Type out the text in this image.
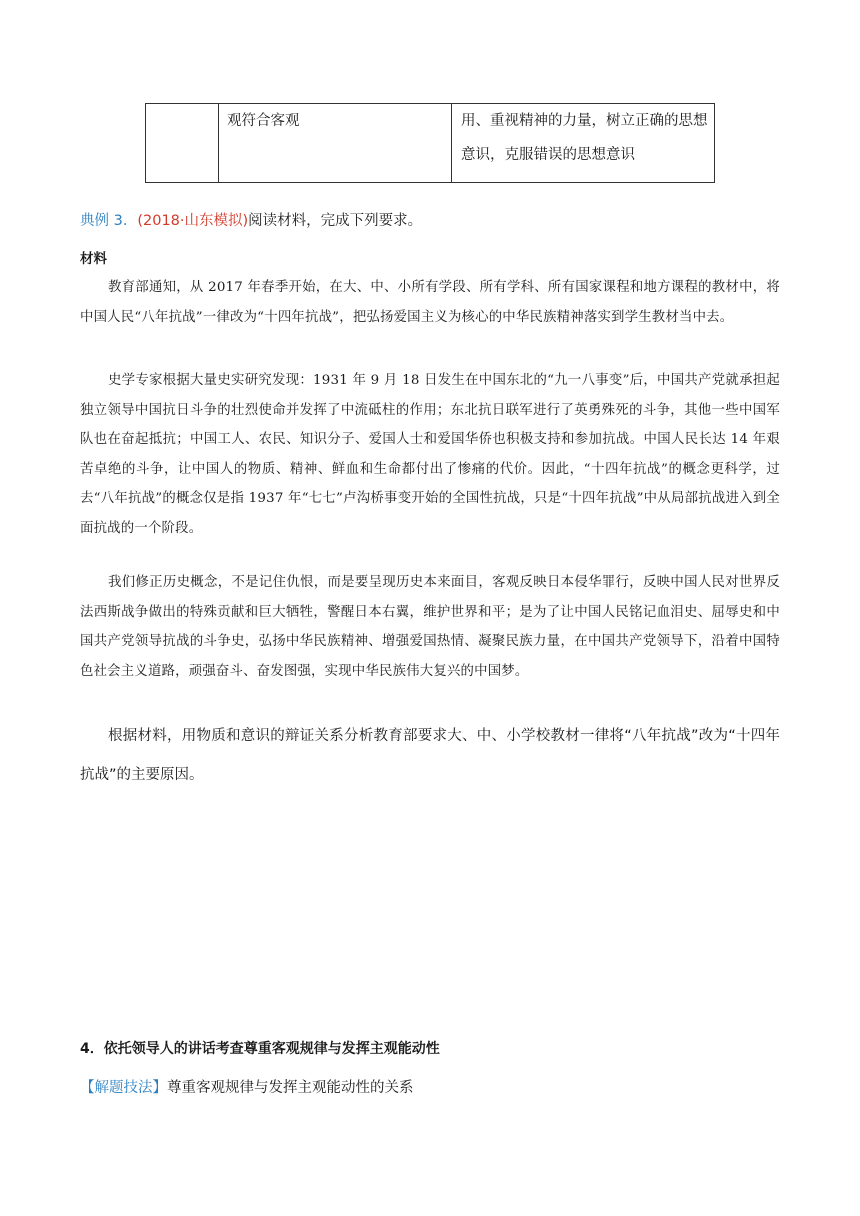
	观符合客观	用、重视精神的力量，树立正确的思想
意识，克服错误的思想意识
典例 3．(2018·山东模拟)阅读材料，完成下列要求。
材料
教育部通知，从 2017 年春季开始，在大、中、小所有学段、所有学科、所有国家课程和地方课程的教材中，将中国人民“八年抗战”一律改为“十四年抗战”，把弘扬爱国主义为核心的中华民族精神落实到学生教材当中去。
史学专家根据大量史实研究发现：1931 年 9 月 18 日发生在中国东北的“九一八事变”后，中国共产党就承担起独立领导中国抗日斗争的壮烈使命并发挥了中流砥柱的作用；东北抗日联军进行了英勇殊死的斗争，其他一些中国军队也在奋起抵抗；中国工人、农民、知识分子、爱国人士和爱国华侨也积极支持和参加抗战。中国人民长达 14 年艰苦卓绝的斗争，让中国人的物质、精神、鲜血和生命都付出了惨痛的代价。因此，“十四年抗战”的概念更科学，过去“八年抗战”的概念仅是指 1937 年“七七”卢沟桥事变开始的全国性抗战，只是“十四年抗战”中从局部抗战进入到全面抗战的一个阶段。
我们修正历史概念，不是记住仇恨，而是要呈现历史本来面目，客观反映日本侵华罪行，反映中国人民对世界反法西斯战争做出的特殊贡献和巨大牺牲，警醒日本右翼，维护世界和平；是为了让中国人民铭记血泪史、屈辱史和中国共产党领导抗战的斗争史，弘扬中华民族精神、增强爱国热情、凝聚民族力量，在中国共产党领导下，沿着中国特色社会主义道路，顽强奋斗、奋发图强，实现中华民族伟大复兴的中国梦。
根据材料，用物质和意识的辩证关系分析教育部要求大、中、小学校教材一律将“八年抗战”改为“十四年抗战”的主要原因。
4．依托领导人的讲话考查尊重客观规律与发挥主观能动性
【解题技法】尊重客观规律与发挥主观能动性的关系
